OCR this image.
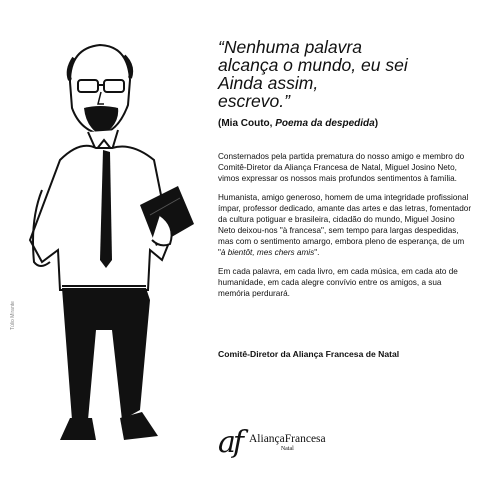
Túlio Mirante
“Nenhuma palavra
alcança o mundo, eu sei
Ainda assim,
escrevo.”
(Mia Couto, Poema da despedida)

Consternados pela partida prematura do nosso amigo e membro do Comitê-Diretor da Aliança Francesa de Natal, Miguel Josino Neto, vimos expressar os nossos mais profundos sentimentos à família.

Humanista, amigo generoso, homem de uma integridade profissional ímpar, professor dedicado, amante das artes e das letras, fomentador da cultura potiguar e brasileira, cidadão do mundo, Miguel Josino Neto deixou-nos "à francesa", sem tempo para largas despedidas, mas com o sentimento amargo, embora pleno de esperança, de um "à bientôt, mes chers amis".

Em cada palavra, em cada livro, em cada música, em cada ato de humanidade, em cada alegre convívio entre os amigos, a sua memória perdurará.

Comitê-Diretor da Aliança Francesa de Natal
af AliançaFrancesa
Natal
